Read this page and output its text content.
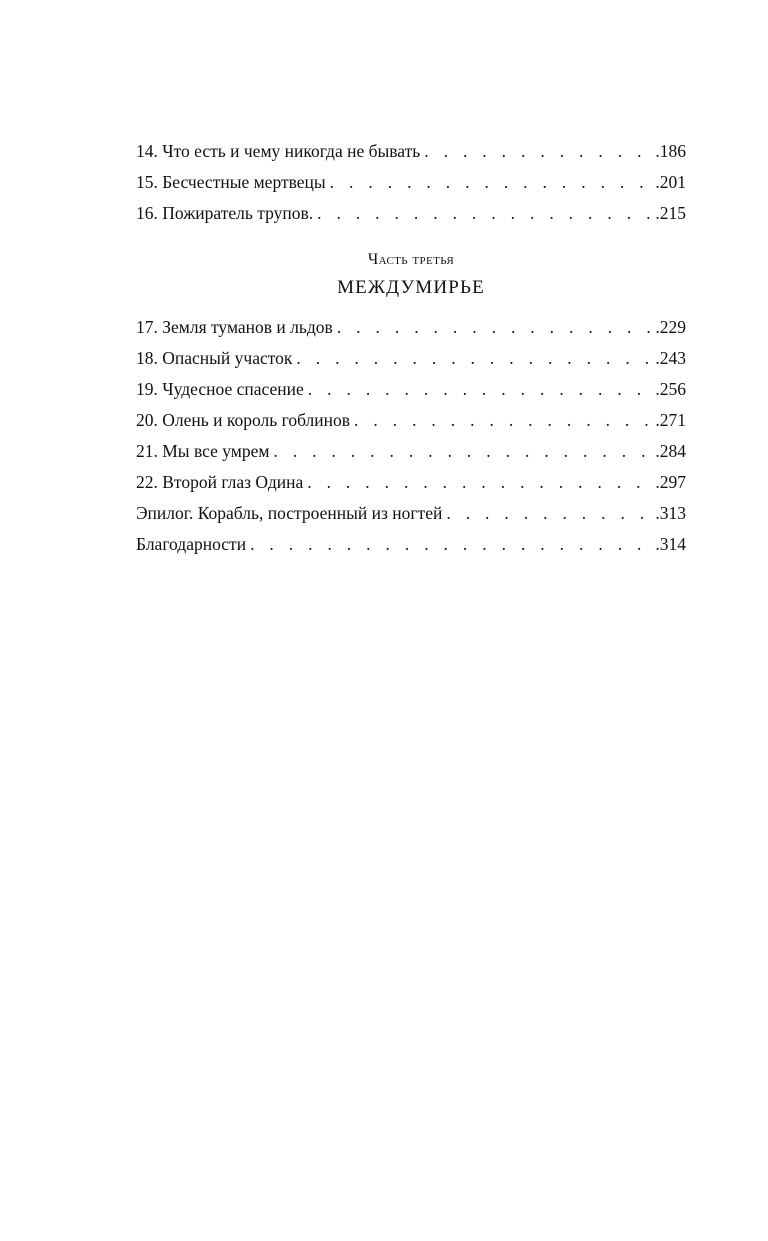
14. Что есть и чему никогда не бывать . . .	.186
15. Бесчестные мертвецы . . .	.201
16. Пожиратель трупов. . . .	.215
Часть третья
МЕЖДУМИРЬЕ
17. Земля туманов и льдов . . .	.229
18. Опасный участок . . .	.243
19. Чудесное спасение . . .	.256
20. Олень и король гоблинов . . .	.271
21. Мы все умрем . . .	.284
22. Второй глаз Одина . . .	.297
Эпилог. Корабль, построенный из ногтей . . .	.313
Благодарности . . .	.314
